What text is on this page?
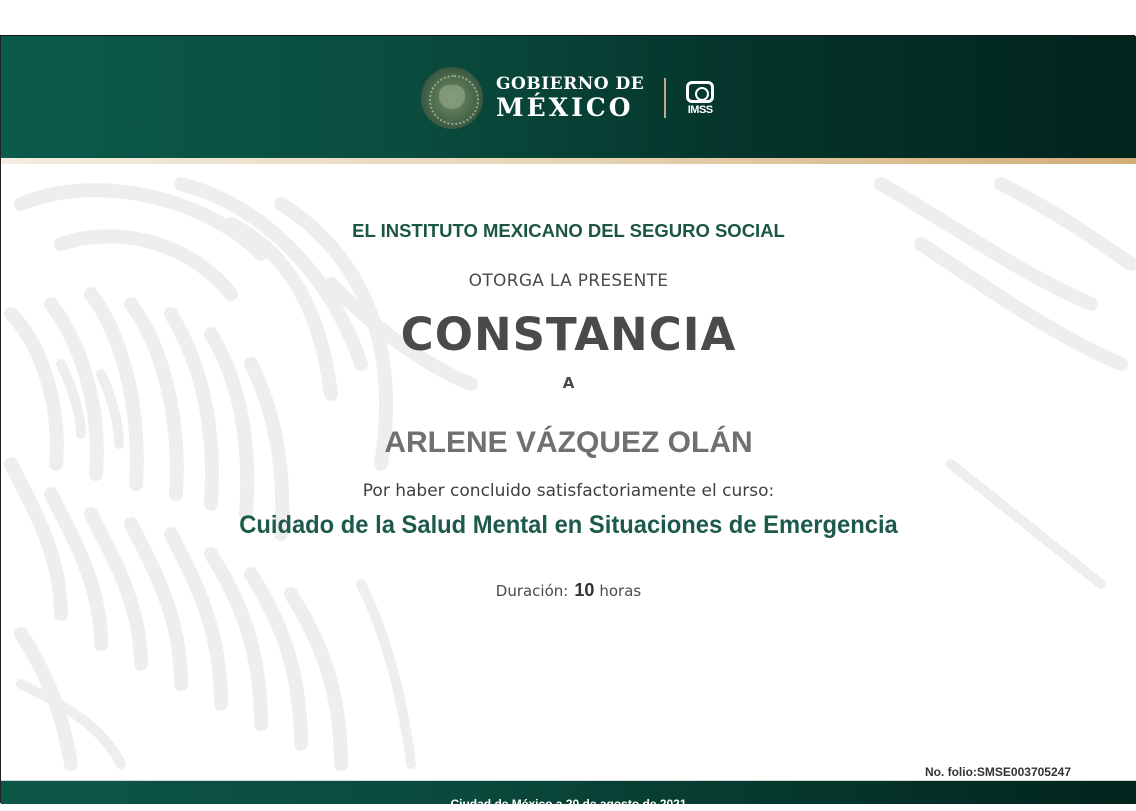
GOBIERNO DE
MÉXICO	IMSS
EL INSTITUTO MEXICANO DEL SEGURO SOCIAL
OTORGA LA PRESENTE
CONSTANCIA
A
ARLENE VÁZQUEZ OLÁN
Por haber concluido satisfactoriamente el curso:
Cuidado de la Salud Mental en Situaciones de Emergencia
Duración: 10 horas
No. folio:SMSE003705247
Ciudad de México a 20 de agosto de 2021
